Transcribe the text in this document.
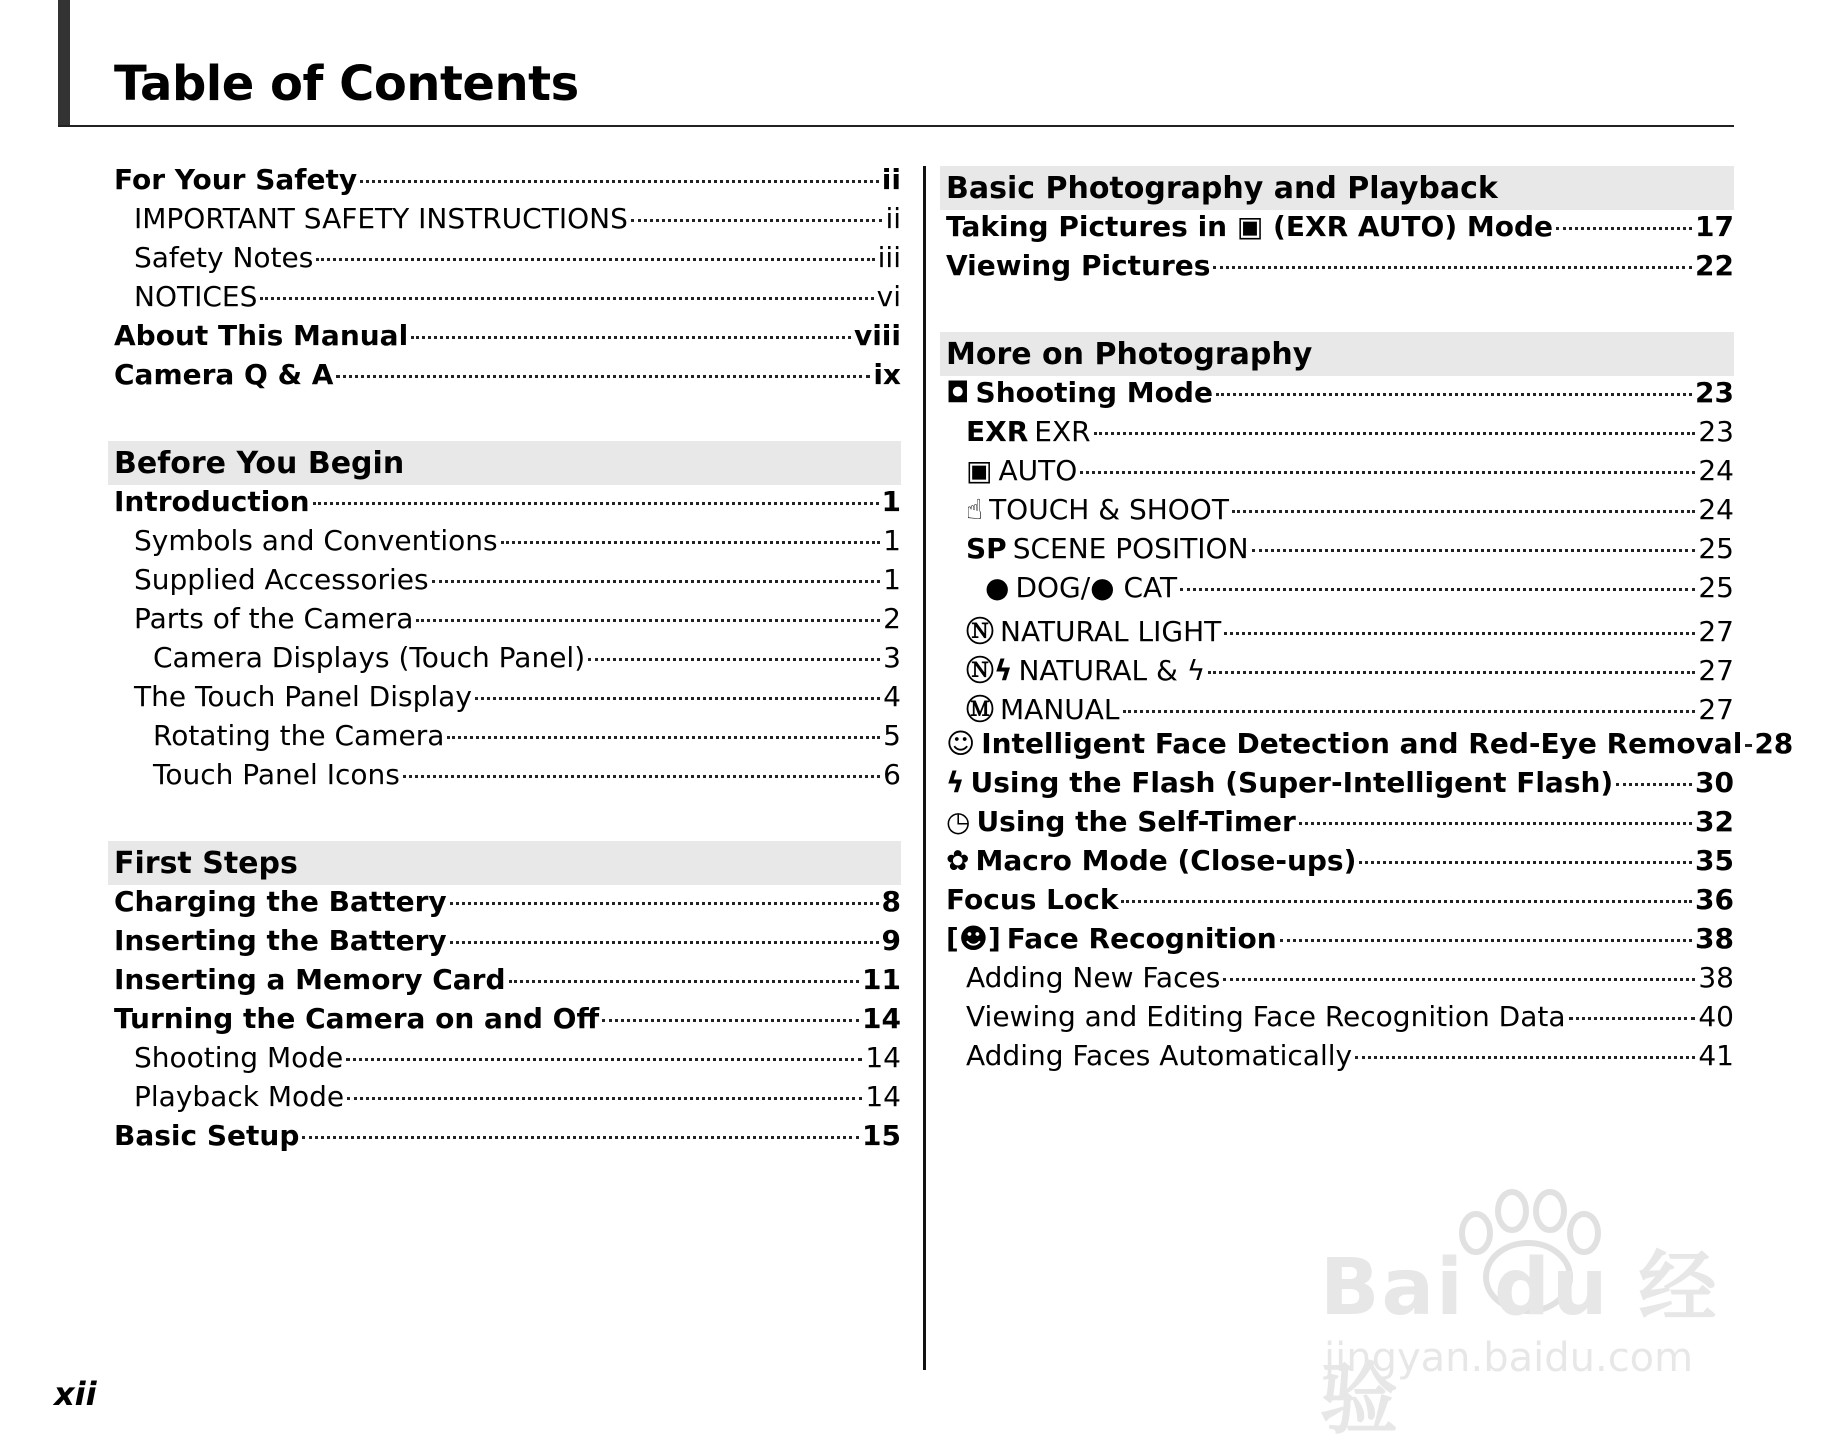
Table of Contents
For Your Safety	ii
IMPORTANT SAFETY INSTRUCTIONS	ii
Safety Notes	iii
NOTICES	vi
About This Manual	viii
Camera Q & A	ix
Before You Begin
Introduction	1
Symbols and Conventions	1
Supplied Accessories	1
Parts of the Camera	2
Camera Displays (Touch Panel)	3
The Touch Panel Display	4
Rotating the Camera	5
Touch Panel Icons	6
First Steps
Charging the Battery	8
Inserting the Battery	9
Inserting a Memory Card	11
Turning the Camera on and Off	14
Shooting Mode	14
Playback Mode	14
Basic Setup	15
Basic Photography and Playback
Taking Pictures in ▣ (EXR AUTO) Mode	17
Viewing Pictures	22
More on Photography
◘ Shooting Mode	23
EXR EXR	23
▣ AUTO	24
☝ TOUCH & SHOOT	24
SP SCENE POSITION	25
● DOG/● CAT	25
Ⓝ NATURAL LIGHT	27
Ⓝϟ NATURAL & ϟ	27
Ⓜ MANUAL	27
☺ Intelligent Face Detection and Red-Eye Removal 28
ϟ Using the Flash (Super-Intelligent Flash)	30
◷ Using the Self-Timer	32
✿ Macro Mode (Close-ups)	35
Focus Lock	36
[☻] Face Recognition	38
Adding New Faces	38
Viewing and Editing Face Recognition Data	40
Adding Faces Automatically	41
xii
Bai du 经验
jingyan.baidu.com
